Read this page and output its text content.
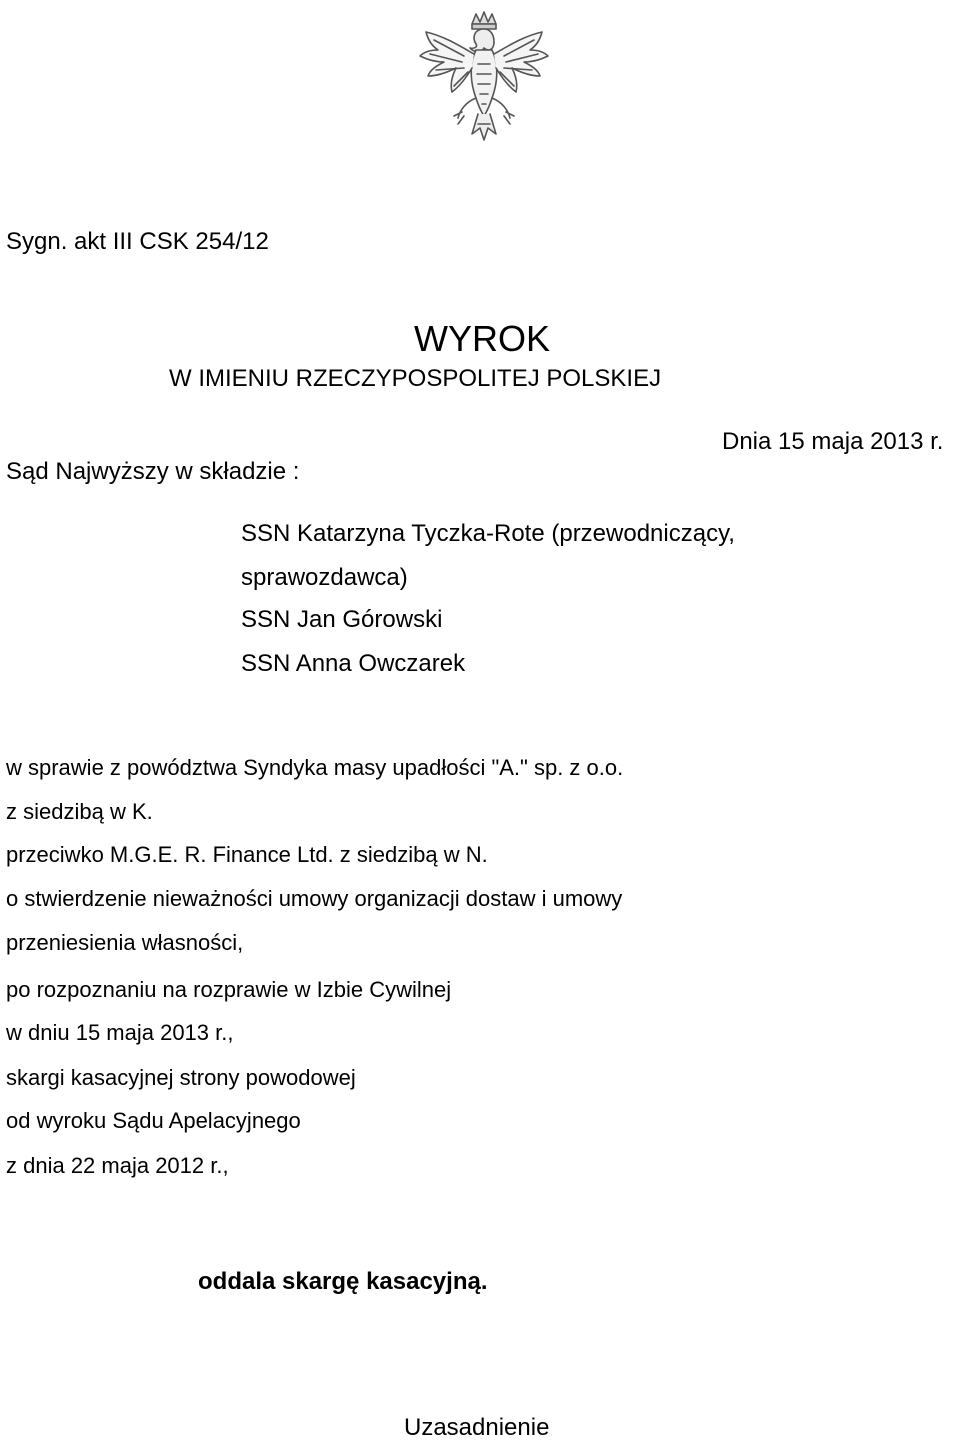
Sygn. akt III CSK 254/12
WYROK
W IMIENIU RZECZYPOSPOLITEJ POLSKIEJ
Dnia 15 maja 2013 r.
Sąd Najwyższy w składzie :
SSN Katarzyna Tyczka-Rote (przewodniczący,
sprawozdawca)
SSN Jan Górowski
SSN Anna Owczarek
w sprawie z powództwa Syndyka masy upadłości "A." sp. z o.o.
z siedzibą w K.
przeciwko M.G.E. R. Finance Ltd. z siedzibą w N.
o stwierdzenie nieważności umowy organizacji dostaw i umowy
przeniesienia własności,
po rozpoznaniu na rozprawie w Izbie Cywilnej
w dniu 15 maja 2013 r.,
skargi kasacyjnej strony powodowej
od wyroku Sądu Apelacyjnego
z dnia 22 maja 2012 r.,
oddala skargę kasacyjną.
Uzasadnienie
